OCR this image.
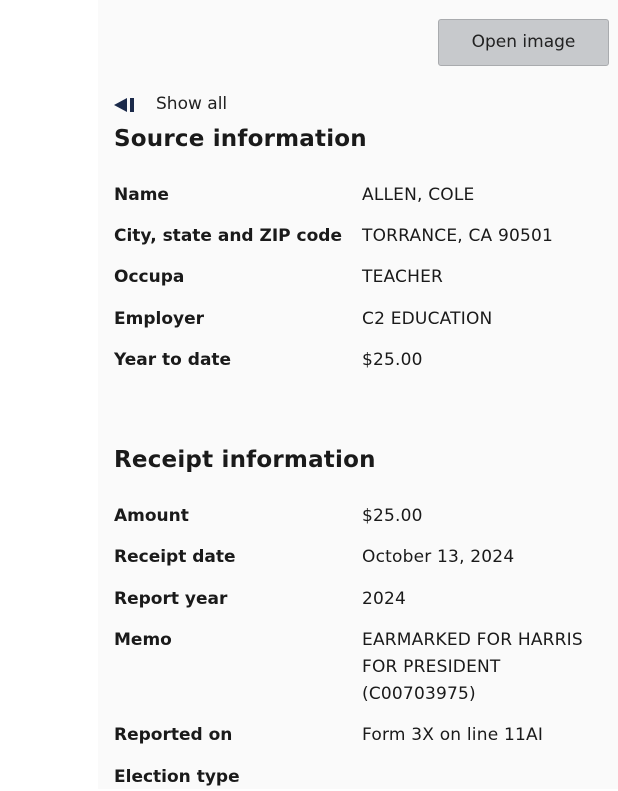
Open image
Show all
Source information
Name	ALLEN, COLE
City, state and ZIP code TORRANCE, CA 90501
Occupa	TEACHER
Employer	C2 EDUCATION
Year to date	$25.00
Receipt information
Amount	$25.00
Receipt date	October 13, 2024
Report year	2024
Memo	EARMARKED FOR HARRIS FOR PRESIDENT (C00703975)
Reported on	Form 3X on line 11AI
Election type
